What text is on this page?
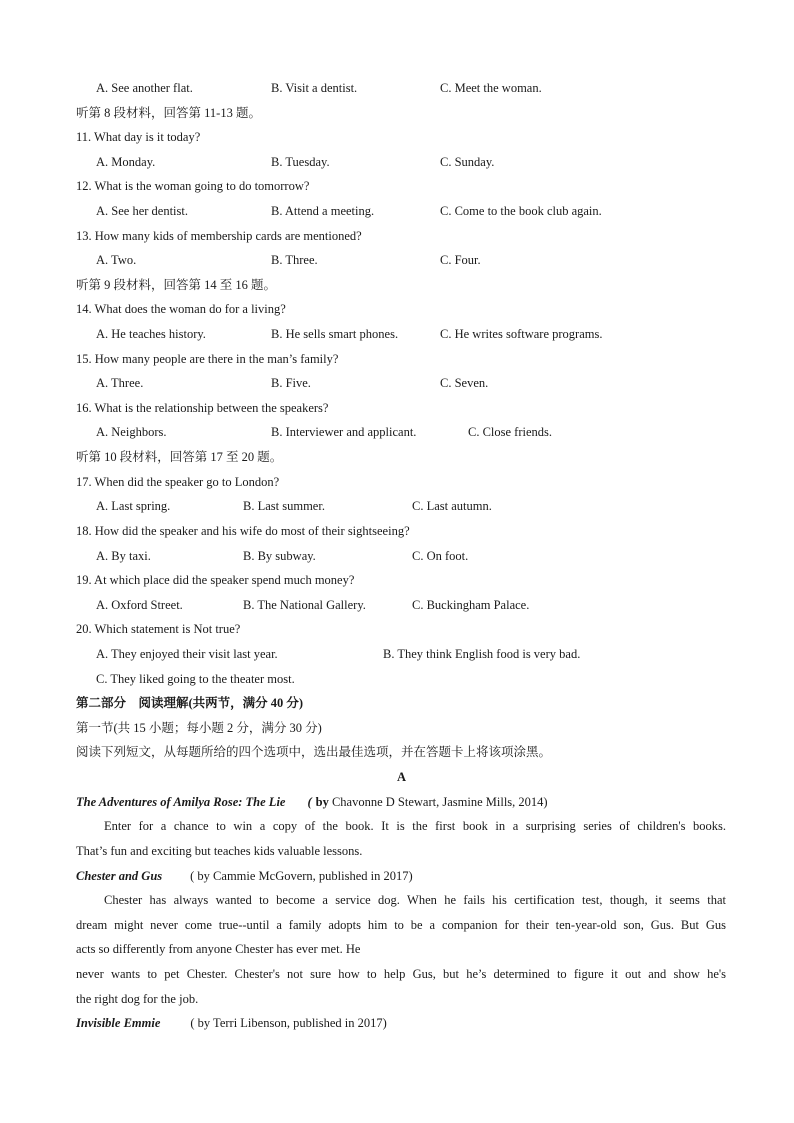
A. See another flat.	B. Visit a dentist.	C. Meet the woman.
听第 8 段材料，回答第 11-13 题。
11. What day is it today?
A. Monday.	B. Tuesday.	C. Sunday.
12. What is the woman going to do tomorrow?
A. See her dentist.	B. Attend a meeting.	C. Come to the book club again.
13. How many kids of membership cards are mentioned?
A. Two.	B. Three.	C. Four.
听第 9 段材料，回答第 14 至 16 题。
14. What does the woman do for a living?
A. He teaches history.	B. He sells smart phones.	C. He writes software programs.
15. How many people are there in the man’s family?
A. Three.	B. Five.	C. Seven.
16. What is the relationship between the speakers?
A. Neighbors.	B. Interviewer and applicant.	C. Close friends.
听第 10 段材料，回答第 17 至 20 题。
17. When did the speaker go to London?
A. Last spring.	B. Last summer.	C. Last autumn.
18. How did the speaker and his wife do most of their sightseeing?
A. By taxi.	B. By subway.	C. On foot.
19. At which place did the speaker spend much money?
A. Oxford Street.	B. The National Gallery.	C. Buckingham Palace.
20. Which statement is Not true?
A. They enjoyed their visit last year.	B. They think English food is very bad.
C. They liked going to the theater most.
第二部分　阅读理解(共两节，满分 40 分)
第一节(共 15 小题；每小题 2 分，满分 30 分)
阅读下列短文，从每题所给的四个选项中，选出最佳选项，并在答题卡上将该项涂黑。
A
The Adventures of Amilya Rose: The Lie ( by Chavonne D Stewart, Jasmine Mills, 2014)
Enter for a chance to win a copy of the book. It is the first book in a surprising series of children's books.
That’s fun and exciting but teaches kids valuable lessons.
Chester and Gus ( by Cammie McGovern, published in 2017)
Chester has always wanted to become a service dog. When he fails his certification test, though, it seems that
dream might never come true--until a family adopts him to be a companion for their ten-year-old son, Gus. But Gus
acts so differently from anyone Chester has ever met. He
never wants to pet Chester. Chester's not sure how to help Gus, but he’s determined to figure it out and show he's
the right dog for the job.
Invisible Emmie ( by Terri Libenson, published in 2017)
